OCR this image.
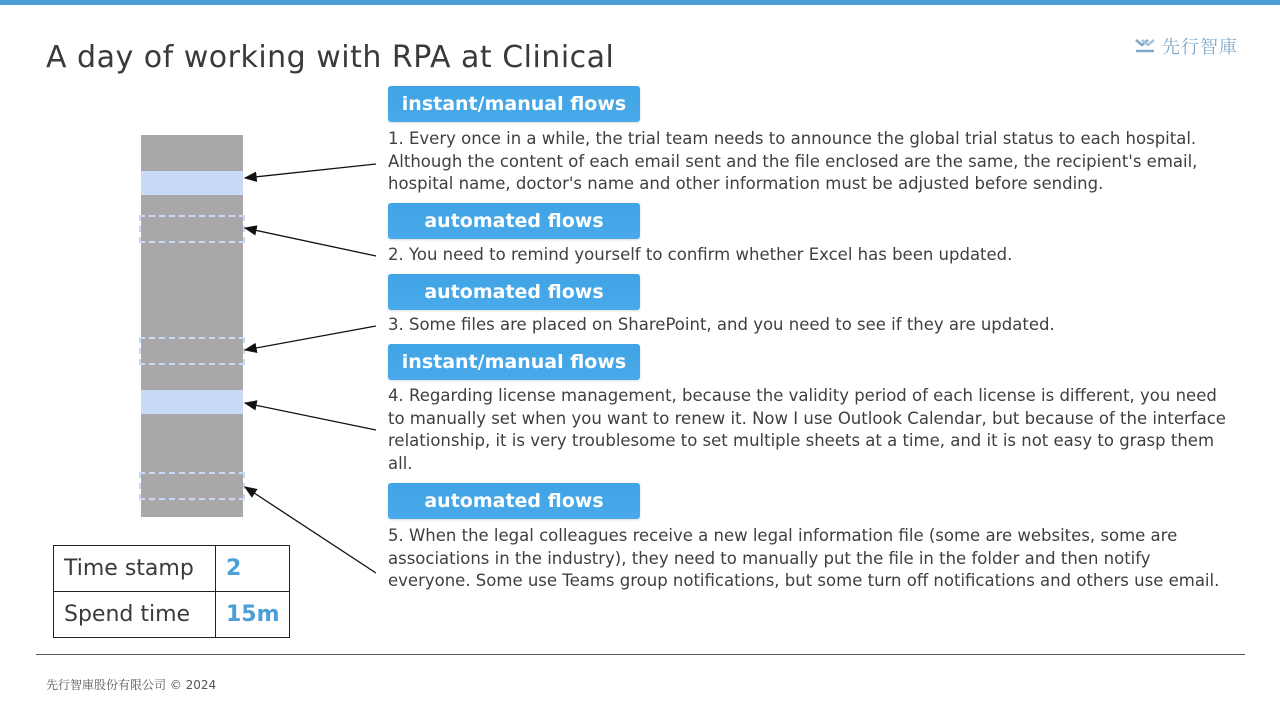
A day of working with RPA at Clinical	先行智庫
instant/manual flows
1. Every once in a while, the trial team needs to announce the global trial status to each hospital. Although the content of each email sent and the file enclosed are the same, the recipient's email, hospital name, doctor's name and other information must be adjusted before sending.
automated flows
2. You need to remind yourself to confirm whether Excel has been updated.
automated flows
3. Some files are placed on SharePoint, and you need to see if they are updated.
instant/manual flows
4. Regarding license management, because the validity period of each license is different, you need to manually set when you want to renew it. Now I use Outlook Calendar, but because of the interface relationship, it is very troublesome to set multiple sheets at a time, and it is not easy to grasp them all.
automated flows
5. When the legal colleagues receive a new legal information file (some are websites, some are associations in the industry), they need to manually put the file in the folder and then notify everyone. Some use Teams group notifications, but some turn off notifications and others use email.
Time stamp	2
Spend time	15m
先行智庫股份有限公司 © 2024
